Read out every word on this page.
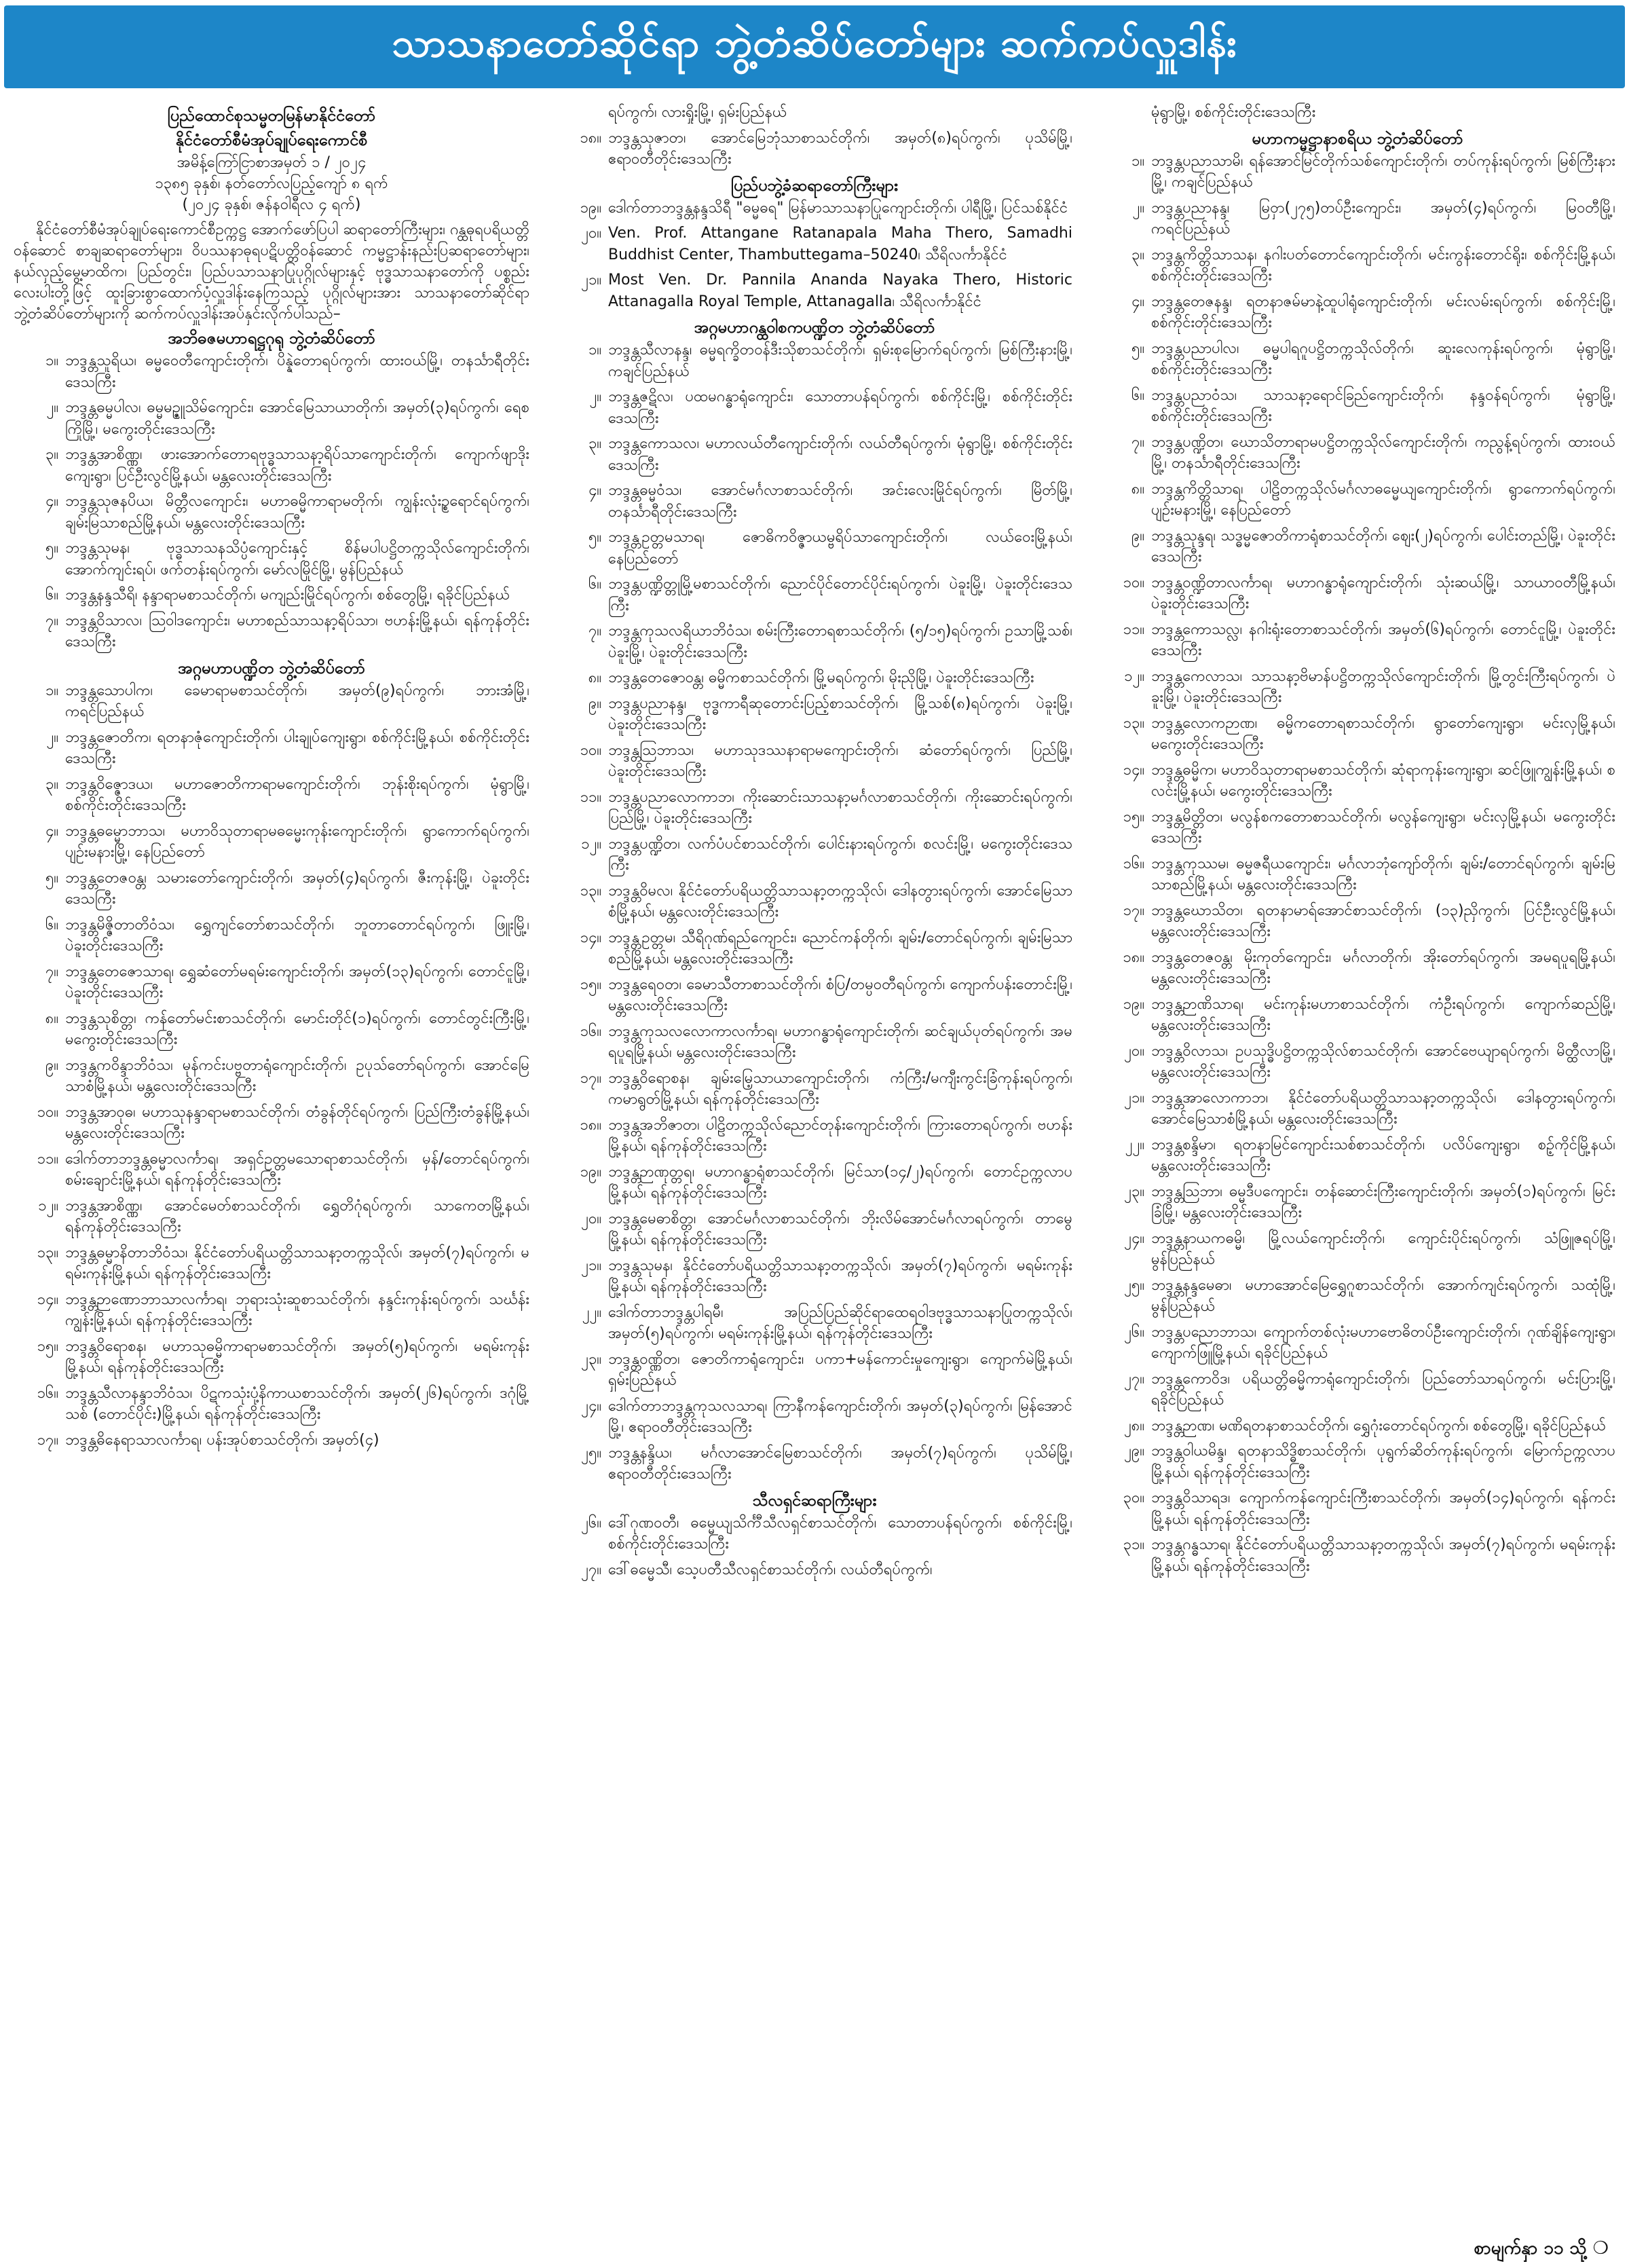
သာသနာတော်ဆိုင်ရာ ဘွဲ့တံဆိပ်တော်များ ဆက်ကပ်လှူဒါန်း
ပြည်ထောင်စုသမ္မတမြန်မာနိုင်ငံတော်
နိုင်ငံတော်စီမံအုပ်ချုပ်ရေးကောင်စီ
အမိန့်ကြော်ငြာစာအမှတ် ၁ / ၂၀၂၄
၁၃၈၅ ခုနှစ်၊ နတ်တော်လပြည့်ကျော် ၈ ရက်
(၂၀၂၄ ခုနှစ်၊ ဇန်နဝါရီလ ၄ ရက်)
နိုင်ငံတော်စီမံအုပ်ချုပ်ရေးကောင်စီဥက္ကဋ္ဌ အောက်ဖော်ပြပါ ဆရာတော်ကြီးများ၊ ဂန္ထဓုရပရိယတ္တိဝန်ဆောင် စာချဆရာတော်များ၊ ဝိပဿနာဓုရပဋိပတ္တိဝန်ဆောင် ကမ္မဋ္ဌာန်းနည်းပြဆရာတော်များ၊ နယ်လှည့်မွေ့မာထိက၊ ပြည်တွင်း၊ ပြည်ပသာသနာပြုပုဂ္ဂိုလ်များနှင့် ဗုဒ္ဓသာသနာတော်ကို ပစ္စည်းလေးပါးတို့ဖြင့် ထူးခြားစွာထောက်ပံ့လှူဒါန်းနေကြသည့် ပုဂ္ဂိုလ်များအား သာသနာတော်ဆိုင်ရာ ဘွဲ့တံဆိပ်တော်များကို ဆက်ကပ်လှူဒါန်းအပ်နှင်းလိုက်ပါသည်–
အဘိဓဇမဟာရဋ္ဌဂုရု ဘွဲ့တံဆိပ်တော်
၁။ ဘဒ္ဒန္တသူရိယ၊ ဓမ္မဝေတီကျောင်းတိုက်၊ ပိန္နဲတောရပ်ကွက်၊ ထားဝယ်မြို့၊ တနင်္သာရီတိုင်းဒေသကြီး
၂။ ဘဒ္ဒန္တဓမ္မပါလ၊ ဓမ္မမဉ္ဇူသိမ်ကျောင်း၊ အောင်မြေသာယာတိုက်၊ အမှတ်(၃)ရပ်ကွက်၊ ရေစကြိုမြို့၊ မကွေးတိုင်းဒေသကြီး
၃။ ဘဒ္ဒန္တအာစိဏ္ဏ၊ ဖားအောက်တောရဗုဒ္ဓသာသနာ့ရိပ်သာကျောင်းတိုက်၊ ကျောက်ဖျာဒိုးကျေးရွာ၊ ပြင်ဦးလွင်မြို့နယ်၊ မန္တလေးတိုင်းဒေသကြီး
၄။ ဘဒ္ဒန္တသုဇနပိယ၊ မိတ္တီလကျောင်း၊ မဟာဓမ္မိကာရာမတိုက်၊ ကျွန်းလုံးဉ္စရောင်ရပ်ကွက်၊ ချမ်းမြသာစည်မြို့နယ်၊ မန္တလေးတိုင်းဒေသကြီး
၅။ ဘဒ္ဒန္တသုမန၊ ဗုဒ္ဓသာသနသိပ္ပံကျောင်းနှင့် စိန်မပါပဋ္ဌိတက္ကသိုလ်ကျောင်းတိုက်၊ အောက်ကျင်းရပ်၊ ဖက်တန်းရပ်ကွက်၊ မော်လမြိုင်မြို့၊ မွန်ပြည်နယ်
၆။ ဘဒ္ဒန္တနန္ဒသီရိ၊ နန္ဒာရာမစာသင်တိုက်၊ မကျည်းမြိုင်ရပ်ကွက်၊ စစ်တွေမြို့၊ ရခိုင်ပြည်နယ်
၇။ ဘဒ္ဒန္တဝိသာလ၊ ဩဝါဒကျောင်း၊ မဟာစည်သာသနာ့ရိပ်သာ၊ ဗဟန်းမြို့နယ်၊ ရန်ကုန်တိုင်းဒေသကြီး
အဂ္ဂမဟာပဏ္ဍိတ ဘွဲ့တံဆိပ်တော်
၁။ ဘဒ္ဒန္တသောပါက၊ ခေမာရာမစာသင်တိုက်၊ အမှတ်(၉)ရပ်ကွက်၊ ဘားအံမြို့၊ ကရင်ပြည်နယ်
၂။ ဘဒ္ဒန္တဇောတိက၊ ရတနာဇုံကျောင်းတိုက်၊ ပါးချုပ်ကျေးရွာ၊ စစ်ကိုင်းမြို့နယ်၊ စစ်ကိုင်းတိုင်းဒေသကြီး
၃။ ဘဒ္ဒန္တဝိဇ္ဇောဒယ၊ မဟာဇောတိကာရာမကျောင်းတိုက်၊ ဘုန်းစိုးရပ်ကွက်၊ မုံရွာမြို့၊ စစ်ကိုင်းတိုင်းဒေသကြီး
၄။ ဘဒ္ဒန္တဓမ္မောဘာသ၊ မဟာဝိသုတာရာမဓမ္မေးကုန်းကျောင်းတိုက်၊ ရွာကောက်ရပ်ကွက်၊ ပျဉ်းမနားမြို့၊ နေပြည်တော်
၅။ ဘဒ္ဒန္တတေဇဝန္တ၊ သမားတော်ကျောင်းတိုက်၊ အမှတ်(၄)ရပ်ကွက်၊ ဇီးကုန်းမြို့၊ ပဲခူးတိုင်းဒေသကြီး
၆။ ဘဒ္ဒန္တမိဇ္ဇိတာတိဝံသ၊ ရွှေကျင်တော်စာသင်တိုက်၊ ဘူတာတောင်ရပ်ကွက်၊ ဖြူးမြို့၊ ပဲခူးတိုင်းဒေသကြီး
၇။ ဘဒ္ဒန္တတေဇောသာရ၊ ရွှေဆံတော်မရမ်းကျောင်းတိုက်၊ အမှတ်(၁၃)ရပ်ကွက်၊ တောင်ငူမြို့၊ ပဲခူးတိုင်းဒေသကြီး
၈။ ဘဒ္ဒန္တသုစိတ္တ၊ ကန်တော်မင်းစာသင်တိုက်၊ မောင်းတိုင်(၁)ရပ်ကွက်၊ တောင်တွင်းကြီးမြို့၊ မကွေးတိုင်းဒေသကြီး
၉။ ဘဒ္ဒန္တကဝိန္ဒာဘိဝံသ၊ မုန်ကင်းပဗ္ဗတာရုံကျောင်းတိုက်၊ ဥပုသ်တော်ရပ်ကွက်၊ အောင်မြေသာစံမြို့နယ်၊ မန္တလေးတိုင်းဒေသကြီး
၁၀။ ဘဒ္ဒန္တအာဝုဓ၊ မဟာသုနန္ဒာရာမစာသင်တိုက်၊ တံခွန်တိုင်ရပ်ကွက်၊ ပြည်ကြီးတံခွန်မြို့နယ်၊ မန္တလေးတိုင်းဒေသကြီး
၁၁။ ဒေါက်တာဘဒ္ဒန္တဓမ္မာလင်္ကာရ၊ အရှင်ဥတ္တမသောရာစာသင်တိုက်၊ မှန်/တောင်ရပ်ကွက်၊ စမ်းချောင်းမြို့နယ်၊ ရန်ကုန်တိုင်းဒေသကြီး
၁၂။ ဘဒ္ဒန္တအာစိဏ္ဏ၊ အောင်မေတ်စာသင်တိုက်၊ ရွှေတိဂုံရပ်ကွက်၊ သာကေတမြို့နယ်၊ ရန်ကုန်တိုင်းဒေသကြီး
၁၃။ ဘဒ္ဒန္တဓမ္မာနိတာဘိဝံသ၊ နိုင်ငံတော်ပရိယတ္တိသာသနာ့တက္ကသိုလ်၊ အမှတ်(၇)ရပ်ကွက်၊ မရမ်းကုန်းမြို့နယ်၊ ရန်ကုန်တိုင်းဒေသကြီး
၁၄။ ဘဒ္ဒန္တဉာဏောဘာသာလင်္ကာရ၊ ဘုရားသုံးဆူစာသင်တိုက်၊ နန္ဒင်းကုန်းရပ်ကွက်၊ သင်္ဃန်းကျွန်းမြို့နယ်၊ ရန်ကုန်တိုင်းဒေသကြီး
၁၅။ ဘဒ္ဒန္တဝိရောစန၊ မဟာသုဓမ္မိကာရာမစာသင်တိုက်၊ အမှတ်(၅)ရပ်ကွက်၊ မရမ်းကုန်းမြို့နယ်၊ ရန်ကုန်တိုင်းဒေသကြီး
၁၆။ ဘဒ္ဒန္တသီလာနန္ဒာဘိဝံသ၊ ပိဋကသုံးပုံ့နိကာယစာသင်တိုက်၊ အမှတ်(၂၆)ရပ်ကွက်၊ ဒဂုံမြို့သစ် (တောင်ပိုင်း)မြို့နယ်၊ ရန်ကုန်တိုင်းဒေသကြီး
၁၇။ ဘဒ္ဒန္တဓိနေရာသာလင်္ကာရ၊ ပန်းအုပ်စာသင်တိုက်၊ အမှတ်(၄)
ရပ်ကွက်၊ လားရှိုးမြို့၊ ရှမ်းပြည်နယ်
၁၈။ ဘဒ္ဒန္တသုဇာတ၊ အောင်မြေဘုံသာစာသင်တိုက်၊ အမှတ်(၈)ရပ်ကွက်၊ ပုသိမ်မြို့၊ ဧရာဝတီတိုင်းဒေသကြီး
ပြည်ပဘွဲ့ခံဆရာတော်ကြီးများ
၁၉။ ဒေါက်တာဘဒ္ဒန္တနန္ဒသိရီ "ဓမ္မဓရ" မြန်မာသာသနာပြုကျောင်းတိုက်၊ ပါရီမြို့၊ ပြင်သစ်နိုင်ငံ
၂၀။ Ven. Prof. Attangane Ratanapala Maha Thero, Samadhi Buddhist Center, Thambuttegama–50240၊ သီရိလင်္ကာနိုင်ငံ
၂၁။ Most Ven. Dr. Pannila Ananda Nayaka Thero, Historic Attanagalla Royal Temple, Attanagalla၊ သီရိလင်္ကာနိုင်ငံ
အဂ္ဂမဟာဂန္ထဝါစကပဏ္ဍိတ ဘွဲ့တံဆိပ်တော်
၁။ ဘဒ္ဒန္တသီလာနန္ဒ၊ ဓမ္မရက္ခိတဝန်ဒီးသိုစာသင်တိုက်၊ ရှမ်းစုမြောက်ရပ်ကွက်၊ မြစ်ကြီးနားမြို့၊ ကချင်ပြည်နယ်
၂။ ဘဒ္ဒန္တဇဋိလ၊ ပထမဂန္ဓာရုံကျောင်း၊ သောတာပန်ရပ်ကွက်၊ စစ်ကိုင်းမြို့၊ စစ်ကိုင်းတိုင်းဒေသကြီး
၃။ ဘဒ္ဒန္တကောသလ၊ မဟာလယ်တီကျောင်းတိုက်၊ လယ်တီရပ်ကွက်၊ မုံရွာမြို့၊ စစ်ကိုင်းတိုင်းဒေသကြီး
၄။ ဘဒ္ဒန္တဓမ္မဝံသ၊ အောင်မင်္ဂလာစာသင်တိုက်၊ အင်းလေးမြိုင်ရပ်ကွက်၊ မြိတ်မြို့၊ တနင်္သာရီတိုင်းဒေသကြီး
၅။ ဘဒ္ဒန္တဥတ္တမသာရ၊ ဇောဓိကဝိဇ္ဇာယမ္ဗရိပ်သာကျောင်းတိုက်၊ လယ်ဝေးမြို့နယ်၊ နေပြည်တော်
၆။ ဘဒ္ဒန္တပဏ္ဍိတ္တုမြို့မစာသင်တိုက်၊ ညောင်ပိုင်တောင်ပိုင်းရပ်ကွက်၊ ပဲခူးမြို့၊ ပဲခူးတိုင်းဒေသကြီး
၇။ ဘဒ္ဒန္တကုသလရိယာဘိဝံသ၊ စမ်းကြီးတောရစာသင်တိုက်၊ (၅/၁၅)ရပ်ကွက်၊ ဥသာမြို့သစ်၊ ပဲခူးမြို့၊ ပဲခူးတိုင်းဒေသကြီး
၈။ ဘဒ္ဒန္တတေဇောဝန္တ၊ ဓမ္မိကစာသင်တိုက်၊ မြို့မရပ်ကွက်၊ မိုးညိုမြို့၊ ပဲခူးတိုင်းဒေသကြီး
၉။ ဘဒ္ဒန္တပညာနန္ဒ၊ ဗုဒ္ဓကာရီဆုတောင်းပြည့်စာသင်တိုက်၊ မြို့သစ်(၈)ရပ်ကွက်၊ ပဲခူးမြို့၊ ပဲခူးတိုင်းဒေသကြီး
၁၀။ ဘဒ္ဒန္တသြဘာသ၊ မဟာသုဒဿနာရာမကျောင်းတိုက်၊ ဆံတော်ရပ်ကွက်၊ ပြည်မြို့၊ ပဲခူးတိုင်းဒေသကြီး
၁၁။ ဘဒ္ဒန္တပညာလောကာဘ၊ ကိုးဆောင်းသာသနာ့မင်္ဂလာစာသင်တိုက်၊ ကိုးဆောင်းရပ်ကွက်၊ ပြည်မြို့၊ ပဲခူးတိုင်းဒေသကြီး
၁၂။ ဘဒ္ဒန္တပဏ္ဍိတ၊ လက်ပံပင်စာသင်တိုက်၊ ပေါင်းနားရပ်ကွက်၊ စလင်းမြို့၊ မကွေးတိုင်းဒေသကြီး
၁၃။ ဘဒ္ဒန္တဝိမလ၊ နိုင်ငံတော်ပရိယတ္တိသာသနာ့တက္ကသိုလ်၊ ဒေါနတွားရပ်ကွက်၊ အောင်မြေသာစံမြို့နယ်၊ မန္တလေးတိုင်းဒေသကြီး
၁၄။ ဘဒ္ဒန္တဥတ္တမ၊ သီရိဂုဏ်ရည်ကျောင်း၊ ညောင်ကန်တိုက်၊ ချမ်း/တောင်ရပ်ကွက်၊ ချမ်းမြသာစည်မြို့နယ်၊ မန္တလေးတိုင်းဒေသကြီး
၁၅။ ဘဒ္ဒန္တရေဝတ၊ ခေမာသီတာစာသင်တိုက်၊ စံပြ/တမ္ပဝတီရပ်ကွက်၊ ကျောက်ပန်းတောင်းမြို့၊ မန္တလေးတိုင်းဒေသကြီး
၁၆။ ဘဒ္ဒန္တကုသလလောကာလင်္ကာရ၊ မဟာဂန္ဓာရုံကျောင်းတိုက်၊ ဆင်ချယ်ပုတ်ရပ်ကွက်၊ အမရပူရမြို့နယ်၊ မန္တလေးတိုင်းဒေသကြီး
၁၇။ ဘဒ္ဒန္တဝိရောစန၊ ချမ်းမြေ့သာယာကျောင်းတိုက်၊ ကံကြီး/မကျီးကွင်းခြံကုန်းရပ်ကွက်၊ ကမာရွတ်မြို့နယ်၊ ရန်ကုန်တိုင်းဒေသကြီး
၁၈။ ဘဒ္ဒန္တအဘိဇာတ၊ ပါဠိတက္ကသိုလ်ညောင်တုန်းကျောင်းတိုက်၊ ကြားတောရပ်ကွက်၊ ဗဟန်းမြို့နယ်၊ ရန်ကုန်တိုင်းဒေသကြီး
၁၉။ ဘဒ္ဒန္တဉာဏုတ္တရ၊ မဟာဂန္ဓာရုံစာသင်တိုက်၊ မြင်သာ(၁၄/၂)ရပ်ကွက်၊ တောင်ဥက္ကလာပမြို့နယ်၊ ရန်ကုန်တိုင်းဒေသကြီး
၂၀။ ဘဒ္ဒန္တမေဓာစိတ္တ၊ အောင်မင်္ဂလာစာသင်တိုက်၊ ဘိုးလိမ်အောင်မင်္ဂလာရပ်ကွက်၊ တာမွေမြို့နယ်၊ ရန်ကုန်တိုင်းဒေသကြီး
၂၁။ ဘဒ္ဒန္တသုမန၊ နိုင်ငံတော်ပရိယတ္တိသာသနာ့တက္ကသိုလ်၊ အမှတ်(၇)ရပ်ကွက်၊ မရမ်းကုန်းမြို့နယ်၊ ရန်ကုန်တိုင်းဒေသကြီး
၂၂။ ဒေါက်တာဘဒ္ဒန္တပါရမီ၊ အပြည်ပြည်ဆိုင်ရာထေရဝါဒဗုဒ္ဓသာသနာပြုတက္ကသိုလ်၊ အမှတ်(၅)ရပ်ကွက်၊ မရမ်းကုန်းမြို့နယ်၊ ရန်ကုန်တိုင်းဒေသကြီး
၂၃။ ဘဒ္ဒန္တဝဏ္ဏိတ၊ ဇောတိကာရုံကျောင်း၊ ပကာ+မန်ကောင်းမှုကျေးရွာ၊ ကျောက်မဲမြို့နယ်၊ ရှမ်းပြည်နယ်
၂၄။ ဒေါက်တာဘဒ္ဒန္တကုသလသာရ၊ ကြာနီကန်ကျောင်းတိုက်၊ အမှတ်(၃)ရပ်ကွက်၊ မြန်အောင်မြို့၊ ဧရာဝတီတိုင်းဒေသကြီး
၂၅။ ဘဒ္ဒန္တနန္ဒိယ၊ မင်္ဂလာအောင်မြေစာသင်တိုက်၊ အမှတ်(၇)ရပ်ကွက်၊ ပုသိမ်မြို့၊ ဧရာဝတီတိုင်းဒေသကြီး
သီလရှင်ဆရာကြီးများ
၂၆။ ဒေါ်ဂုဏဝတီ၊ ဓမ္မေယျသိင်္ကီသီလရှင်စာသင်တိုက်၊ သောတာပန်ရပ်ကွက်၊ စစ်ကိုင်းမြို့၊ စစ်ကိုင်းတိုင်းဒေသကြီး
၂၇။ ဒေါ်ဓမ္မေသီ၊ သေ့ပတီသီလရှင်စာသင်တိုက်၊ လယ်တီရပ်ကွက်၊
မုံရွာမြို့၊ စစ်ကိုင်းတိုင်းဒေသကြီး
မဟာကမ္မဋ္ဌာနာစရိယ ဘွဲ့တံဆိပ်တော်
၁။ ဘဒ္ဒန္တပညာသာမိ၊ ရန်အောင်မြင်တိုက်သစ်ကျောင်းတိုက်၊ တပ်ကုန်းရပ်ကွက်၊ မြစ်ကြီးနားမြို့၊ ကချင်ပြည်နယ်
၂။ ဘဒ္ဒန္တပညာနန္ဒ၊ မြဝှာ(၂၇၅)တပ်ဦးကျောင်း၊ အမှတ်(၄)ရပ်ကွက်၊ မြဝတီမြို့၊ ကရင်ပြည်နယ်
၃။ ဘဒ္ဒန္တကိတ္တိသာသန၊ နဂါးပတ်တောင်ကျောင်းတိုက်၊ မင်းကွန်းတောင်ရိုး၊ စစ်ကိုင်းမြို့နယ်၊ စစ်ကိုင်းတိုင်းဒေသကြီး
၄။ ဘဒ္ဒန္တတေဇနန္ဒ၊ ရတနာဇမ်မာနဲ့ထူပါရုံကျောင်းတိုက်၊ မင်းလမ်းရပ်ကွက်၊ စစ်ကိုင်းမြို့၊ စစ်ကိုင်းတိုင်းဒေသကြီး
၅။ ဘဒ္ဒန္တပညာပါလ၊ ဓမ္မပါရဂူပဋ္ဌိတက္ကသိုလ်တိုက်၊ ဆူးလေကုန်းရပ်ကွက်၊ မုံရွာမြို့၊ စစ်ကိုင်းတိုင်းဒေသကြီး
၆။ ဘဒ္ဒန္တပညာဝံသ၊ သာသနာ့ရောင်ခြည်ကျောင်းတိုက်၊ နန္ဒဝန်ရပ်ကွက်၊ မုံရွာမြို့၊ စစ်ကိုင်းတိုင်းဒေသကြီး
၇။ ဘဒ္ဒန္တပဏ္ဍိတ၊ ဃောသိတာရာမပဋ္ဌိတက္ကသိုလ်ကျောင်းတိုက်၊ ကညွန့်ရပ်ကွက်၊ ထားဝယ်မြို့၊ တနင်္သာရီတိုင်းဒေသကြီး
၈။ ဘဒ္ဒန္တကိတ္တိသာရ၊ ပါဠိတက္ကသိုလ်မင်္ဂလာဓမ္မေယျကျောင်းတိုက်၊ ရွာကောက်ရပ်ကွက်၊ ပျဉ်းမနားမြို့၊ နေပြည်တော်
၉။ ဘဒ္ဒန္တသုန္ဒရ၊ သဒ္ဓမ္မဇောတိကာရုံစာသင်တိုက်၊ ဈေး(၂)ရပ်ကွက်၊ ပေါင်းတည်မြို့၊ ပဲခူးတိုင်းဒေသကြီး
၁၀။ ဘဒ္ဒန္တဝဏ္ဍိတာလင်္ကာရ၊ မဟာဂန္ဓာရုံကျောင်းတိုက်၊ သုံးဆယ်မြို့၊ သာယာဝတီမြို့နယ်၊ ပဲခူးတိုင်းဒေသကြီး
၁၁။ ဘဒ္ဒန္တကောသလ္လ၊ နဂါးရုံးတောစာသင်တိုက်၊ အမှတ်(၆)ရပ်ကွက်၊ တောင်ငူမြို့၊ ပဲခူးတိုင်းဒေသကြီး
၁၂။ ဘဒ္ဒန္တကေလာသ၊ သာသနာ့ဗိမာန်ပဋ္ဌိတက္ကသိုလ်ကျောင်းတိုက်၊ မြို့တွင်းကြီးရပ်ကွက်၊ ပဲခူးမြို့၊ ပဲခူးတိုင်းဒေသကြီး
၁၃။ ဘဒ္ဒန္တလောကဉာဏ၊ ဓမ္မိကတောရစာသင်တိုက်၊ ရွာတော်ကျေးရွာ၊ မင်းလှမြို့နယ်၊ မကွေးတိုင်းဒေသကြီး
၁၄။ ဘဒ္ဒန္တဓမ္မိက၊ မဟာဝိသုတာရာမစာသင်တိုက်၊ ဆုံရာကုန်းကျေးရွာ၊ ဆင်ဖြူကျွန်းမြို့နယ်၊ စလင်းမြို့နယ်၊ မကွေးတိုင်းဒေသကြီး
၁၅။ ဘဒ္ဒန္တမိတ္တိတ၊ မလွန်စကတောစာသင်တိုက်၊ မလွန်ကျေးရွာ၊ မင်းလှမြို့နယ်၊ မကွေးတိုင်းဒေသကြီး
၁၆။ ဘဒ္ဒန္တကုဿမ၊ ဓမ္မဇရီယကျောင်း၊ မင်္ဂလာဘုံကျော်တိုက်၊ ချမ်း/တောင်ရပ်ကွက်၊ ချမ်းမြသာစည်မြို့နယ်၊ မန္တလေးတိုင်းဒေသကြီး
၁၇။ ဘဒ္ဒန္တဃောသိတ၊ ရတနာမာရ်အောင်စာသင်တိုက်၊ (၁၃)ညှိကွက်၊ ပြင်ဦးလွင်မြို့နယ်၊ မန္တလေးတိုင်းဒေသကြီး
၁၈။ ဘဒ္ဒန္တတေဇဝန္တ၊ မိုးကုတ်ကျောင်း၊ မင်္ဂလာတိုက်၊ အိုးတော်ရပ်ကွက်၊ အမရပူရမြို့နယ်၊ မန္တလေးတိုင်းဒေသကြီး
၁၉။ ဘဒ္ဒန္တဉာဏိသာရ၊ မင်းကုန်းမဟာစာသင်တိုက်၊ ကံဦးရပ်ကွက်၊ ကျောက်ဆည်မြို့၊ မန္တလေးတိုင်းဒေသကြီး
၂၀။ ဘဒ္ဒန္တဝိလာသ၊ ဥပသုဒ္ဓိပဋ္ဌိတက္ကသိုလ်စာသင်တိုက်၊ အောင်ဗေယျာရပ်ကွက်၊ မိတ္ထီလာမြို့၊ မန္တလေးတိုင်းဒေသကြီး
၂၁။ ဘဒ္ဒန္တအာလောကာဘ၊ နိုင်ငံတော်ပရိယတ္တိသာသနာ့တက္ကသိုလ်၊ ဒေါနတွားရပ်ကွက်၊ အောင်မြေသာစံမြို့နယ်၊ မန္တလေးတိုင်းဒေသကြီး
၂၂။ ဘဒ္ဒန္တစန္ဒိမာ၊ ရတနာမြင်ကျောင်းသစ်စာသင်တိုက်၊ ပလိပ်ကျေးရွာ၊ စဥ့်ကိုင်မြို့နယ်၊ မန္တလေးတိုင်းဒေသကြီး
၂၃။ ဘဒ္ဒန္တသြဘာ၊ ဓမ္မဒီပကျောင်း၊ တန်ဆောင်းကြီးကျောင်းတိုက်၊ အမှတ်(၁)ရပ်ကွက်၊ မြင်းခြံမြို့၊ မန္တလေးတိုင်းဒေသကြီး
၂၄။ ဘဒ္ဒန္တနာယကဓမ္မိ၊ မြို့လယ်ကျောင်းတိုက်၊ ကျောင်းပိုင်းရပ်ကွက်၊ သံဖြူဇရပ်မြို့၊ မွန်ပြည်နယ်
၂၅။ ဘဒ္ဒန္တနန္ဒမေဓာ၊ မဟာအောင်မြေရွှေဂူစာသင်တိုက်၊ အောက်ကျင်းရပ်ကွက်၊ သထုံမြို့၊ မွန်ပြည်နယ်
၂၆။ ဘဒ္ဒန္တပညောဘာသ၊ ကျောက်တစ်လုံးမဟာဗောဓိတပ်ဦးကျောင်းတိုက်၊ ဂုဏ်ချိန်ကျေးရွာ၊ ကျောက်ဖြူမြို့နယ်၊ ရခိုင်ပြည်နယ်
၂၇။ ဘဒ္ဒန္တကောဝိဒ၊ ပရိယတ္တိဓမ္မိကာရုံကျောင်းတိုက်၊ ပြည်တော်သာရပ်ကွက်၊ မင်းပြားမြို့၊ ရခိုင်ပြည်နယ်
၂၈။ ဘဒ္ဒန္တဉာဏ၊ မဏိရတနာစာသင်တိုက်၊ ရွှေဂုံးတောင်ရပ်ကွက်၊ စစ်တွေမြို့၊ ရခိုင်ပြည်နယ်
၂၉။ ဘဒ္ဒန္တဝါယမိန္ဒ၊ ရတနာသိဒ္ဓိစာသင်တိုက်၊ ပုရွက်ဆိတ်ကုန်းရပ်ကွက်၊ မြောက်ဥက္ကလာပမြို့နယ်၊ ရန်ကုန်တိုင်းဒေသကြီး
၃၀။ ဘဒ္ဒန္တဝိသာရဒ၊ ကျောက်ကန်ကျောင်းကြီးစာသင်တိုက်၊ အမှတ်(၁၄)ရပ်ကွက်၊ ရန်ကင်းမြို့နယ်၊ ရန်ကုန်တိုင်းဒေသကြီး
၃၁။ ဘဒ္ဒန္တဂန္ဓသာရ၊ နိုင်ငံတော်ပရိယတ္တိသာသနာ့တက္ကသိုလ်၊ အမှတ်(၇)ရပ်ကွက်၊ မရမ်းကုန်းမြို့နယ်၊ ရန်ကုန်တိုင်းဒေသကြီး
စာမျက်နှာ ၁၁ သို့ ❍
